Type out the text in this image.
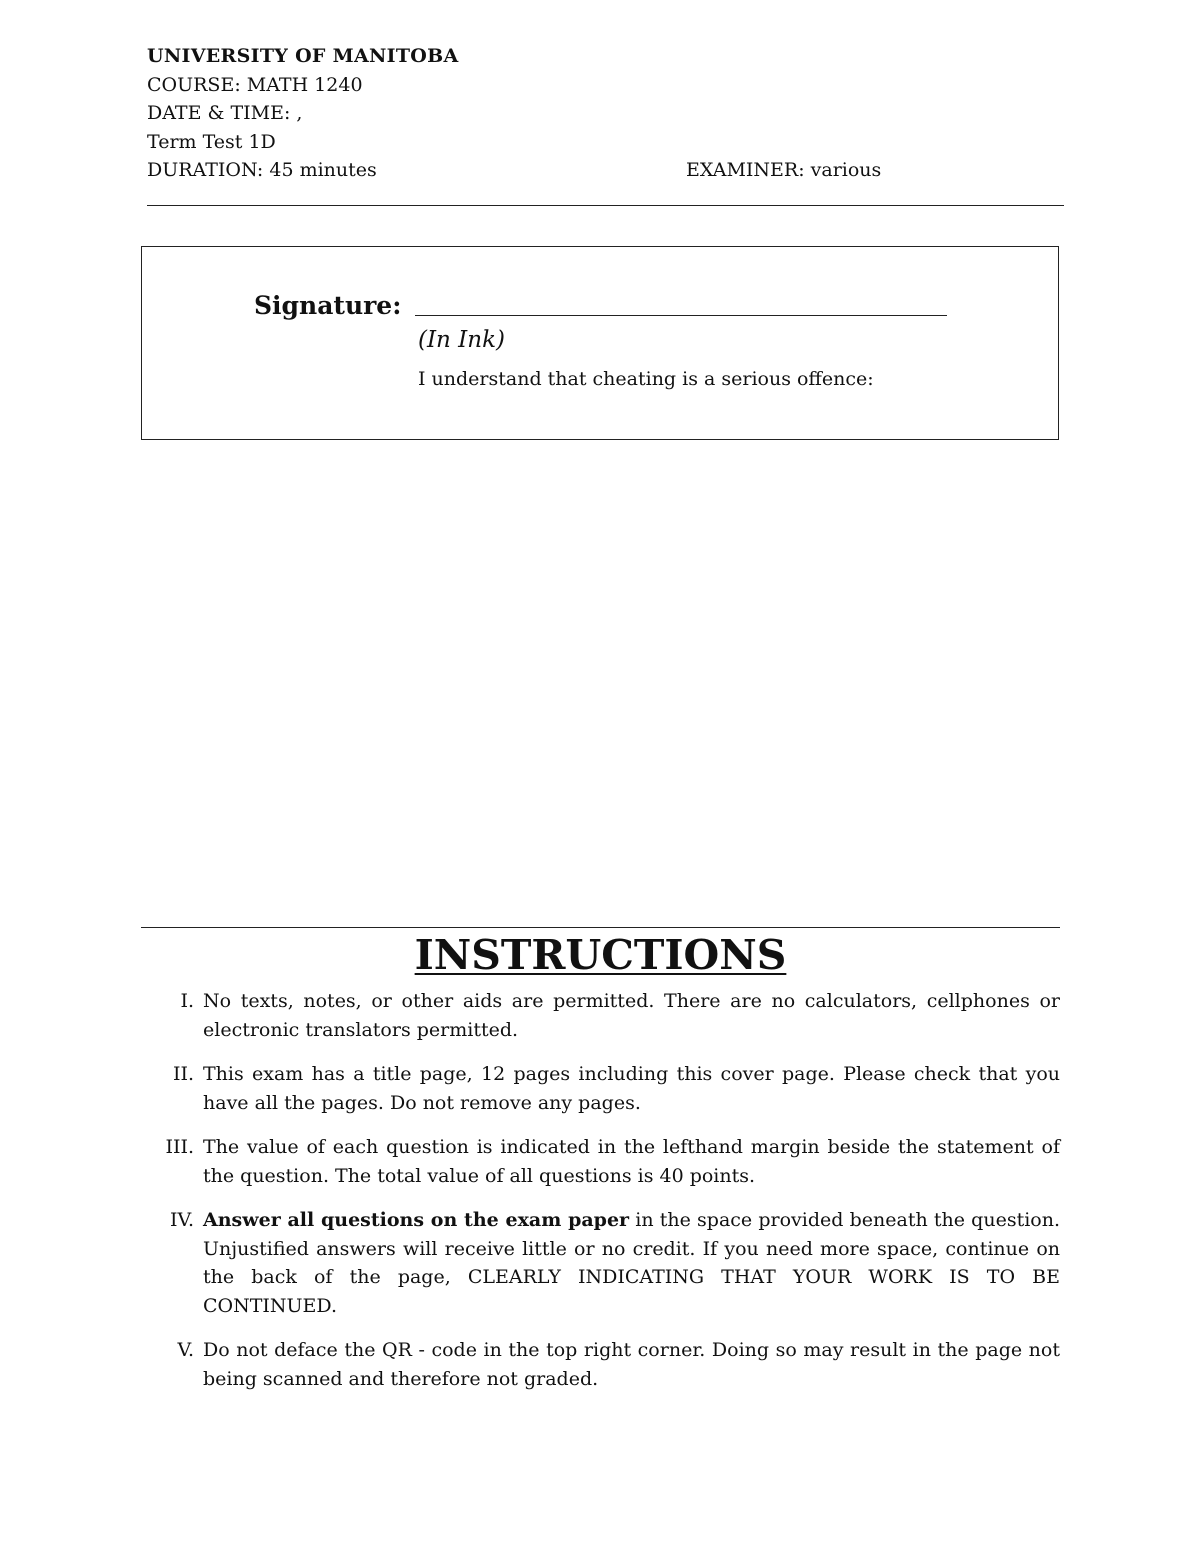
UNIVERSITY OF MANITOBA
COURSE: MATH 1240
DATE & TIME: ,
Term Test 1D
DURATION: 45 minutes	EXAMINER: various
Signature:
(In Ink)
I understand that cheating is a serious offence:
INSTRUCTIONS
I. No texts, notes, or other aids are permitted. There are no calculators, cellphones or electronic translators permitted.
II. This exam has a title page, 12 pages including this cover page. Please check that you have all the pages. Do not remove any pages.
III. The value of each question is indicated in the lefthand margin beside the statement of the question. The total value of all questions is 40 points.
IV. Answer all questions on the exam paper in the space provided beneath the question. Unjustified answers will receive little or no credit. If you need more space, continue on the back of the page, CLEARLY INDICATING THAT YOUR WORK IS TO BE CONTINUED.
V. Do not deface the QR - code in the top right corner. Doing so may result in the page not being scanned and therefore not graded.
